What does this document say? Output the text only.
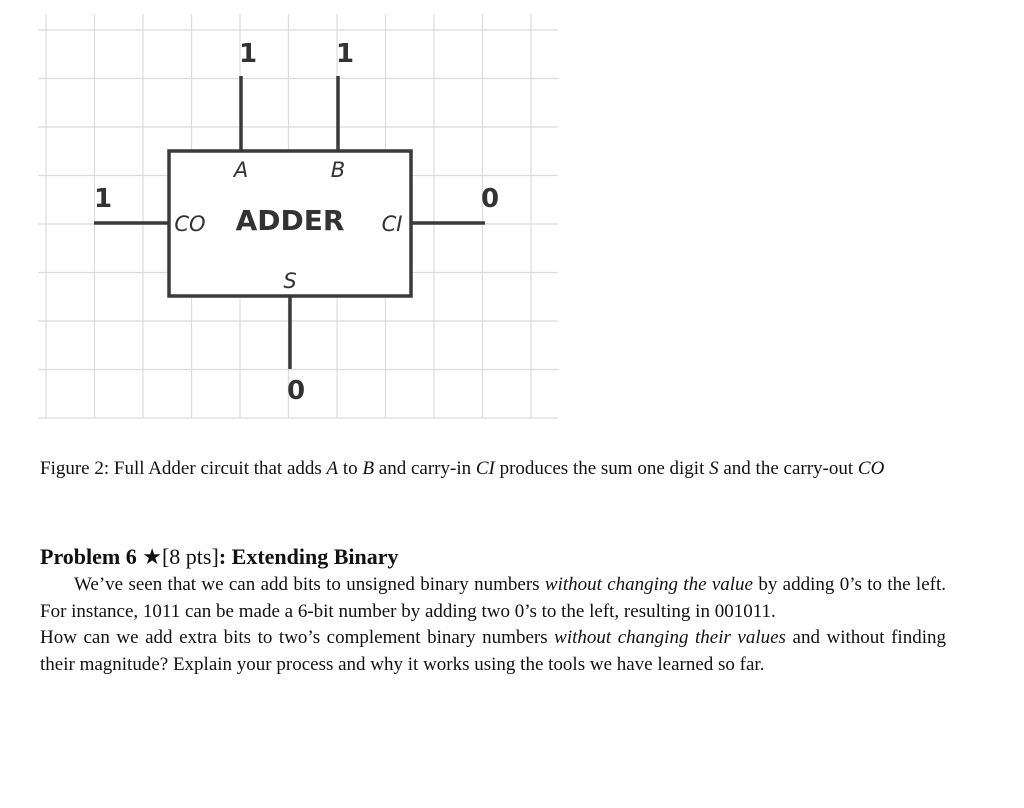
A	B
CO	CI
S
ADDER
1	1
1	0
0
Figure 2: Full Adder circuit that adds A to B and carry-in CI produces the sum one digit S and the carry-out CO
Problem 6 ★[8 pts]: Extending Binary
We’ve seen that we can add bits to unsigned binary numbers without changing the value by adding 0’s to the left. For instance, 1011 can be made a 6-bit number by adding two 0’s to the left, resulting in 001011.
How can we add extra bits to two’s complement binary numbers without changing their values and without finding their magnitude? Explain your process and why it works using the tools we have learned so far.
